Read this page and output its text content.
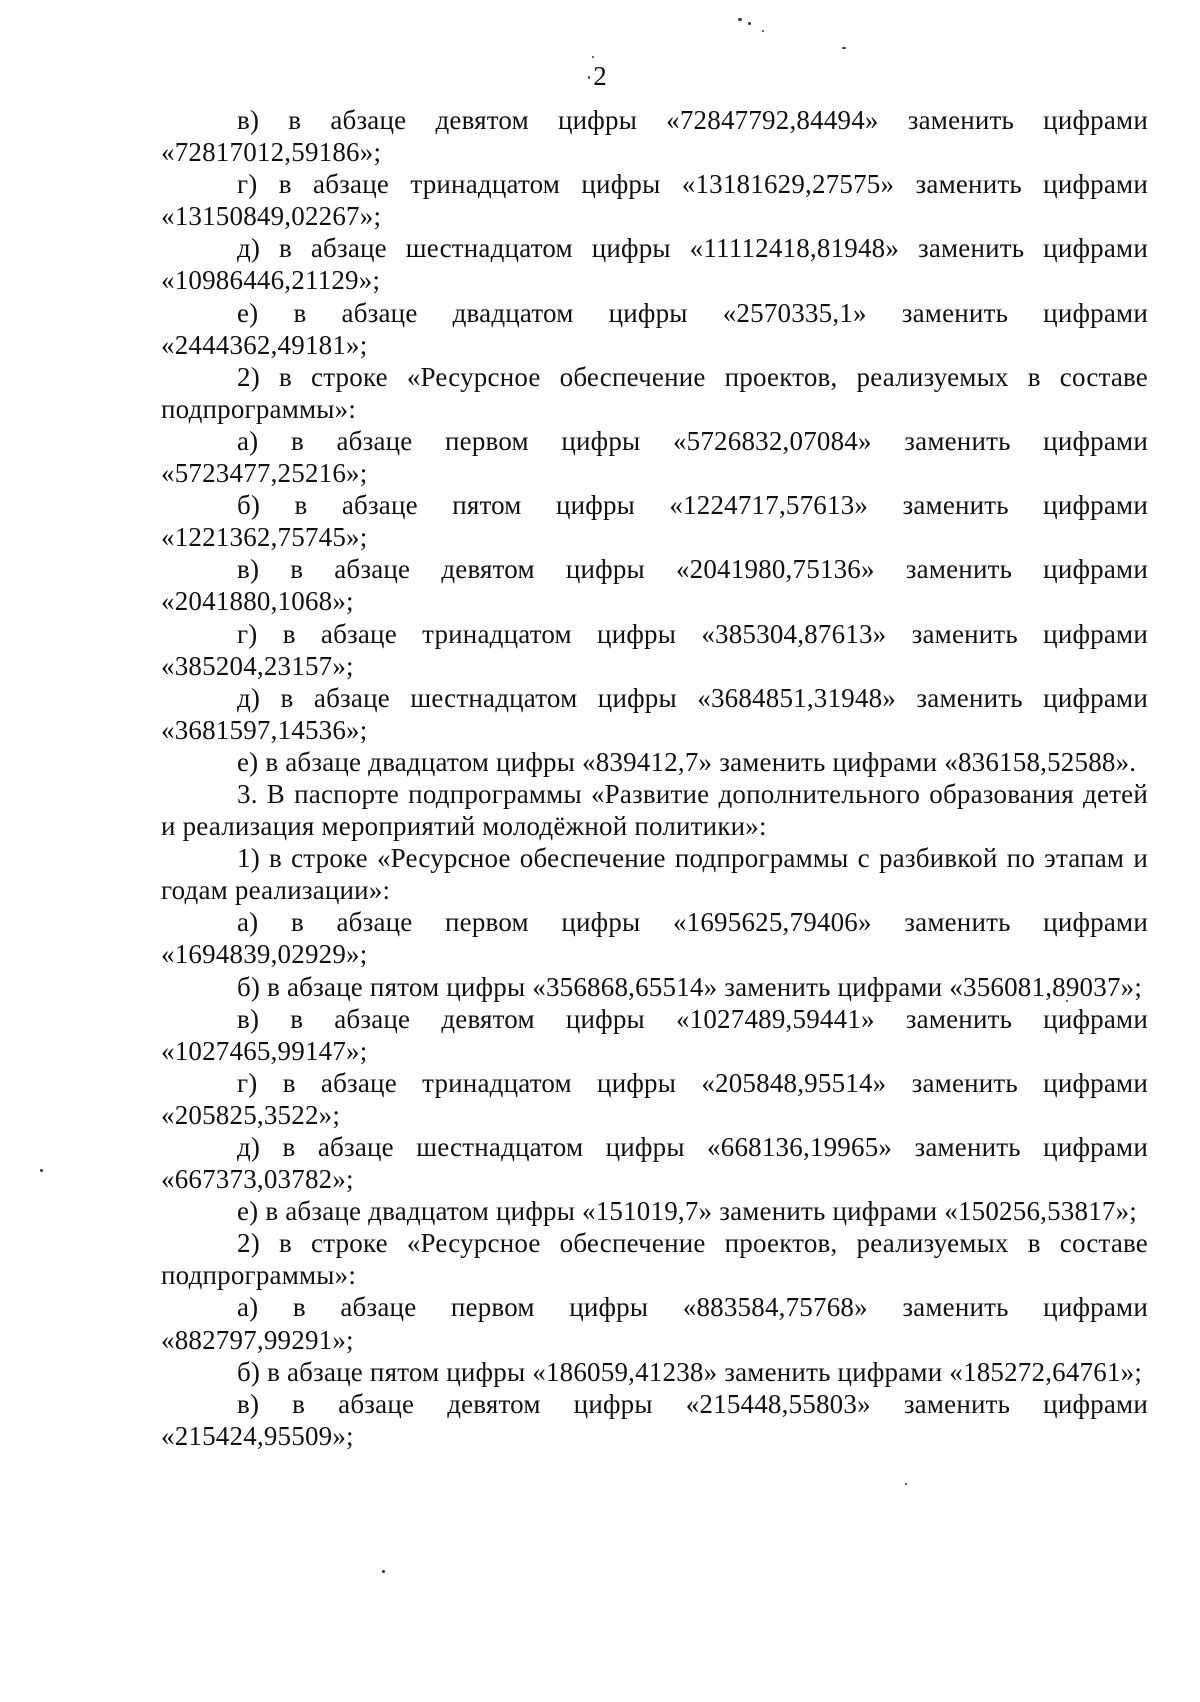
2

в) в абзаце девятом цифры «72847792,84494» заменить цифрами «72817012,59186»;

г) в абзаце тринадцатом цифры «13181629,27575» заменить цифрами «13150849,02267»;

д) в абзаце шестнадцатом цифры «11112418,81948» заменить цифрами «10986446,21129»;

е) в абзаце двадцатом цифры «2570335,1» заменить цифрами «2444362,49181»;

2) в строке «Ресурсное обеспечение проектов, реализуемых в составе подпрограммы»:

а) в абзаце первом цифры «5726832,07084» заменить цифрами «5723477,25216»;

б) в абзаце пятом цифры «1224717,57613» заменить цифрами «1221362,75745»;

в) в абзаце девятом цифры «2041980,75136» заменить цифрами «2041880,1068»;

г) в абзаце тринадцатом цифры «385304,87613» заменить цифрами «385204,23157»;

д) в абзаце шестнадцатом цифры «3684851,31948» заменить цифрами «3681597,14536»;

е) в абзаце двадцатом цифры «839412,7» заменить цифрами «836158,52588».

3. В паспорте подпрограммы «Развитие дополнительного образования детей и реализация мероприятий молодёжной политики»:

1) в строке «Ресурсное обеспечение подпрограммы с разбивкой по этапам и годам реализации»:

а) в абзаце первом цифры «1695625,79406» заменить цифрами «1694839,02929»;

б) в абзаце пятом цифры «356868,65514» заменить цифрами «356081,89037»;

в) в абзаце девятом цифры «1027489,59441» заменить цифрами «1027465,99147»;

г) в абзаце тринадцатом цифры «205848,95514» заменить цифрами «205825,3522»;

д) в абзаце шестнадцатом цифры «668136,19965» заменить цифрами «667373,03782»;

е) в абзаце двадцатом цифры «151019,7» заменить цифрами «150256,53817»;

2) в строке «Ресурсное обеспечение проектов, реализуемых в составе подпрограммы»:

а) в абзаце первом цифры «883584,75768» заменить цифрами «882797,99291»;

б) в абзаце пятом цифры «186059,41238» заменить цифрами «185272,64761»;

в) в абзаце девятом цифры «215448,55803» заменить цифрами «215424,95509»;
